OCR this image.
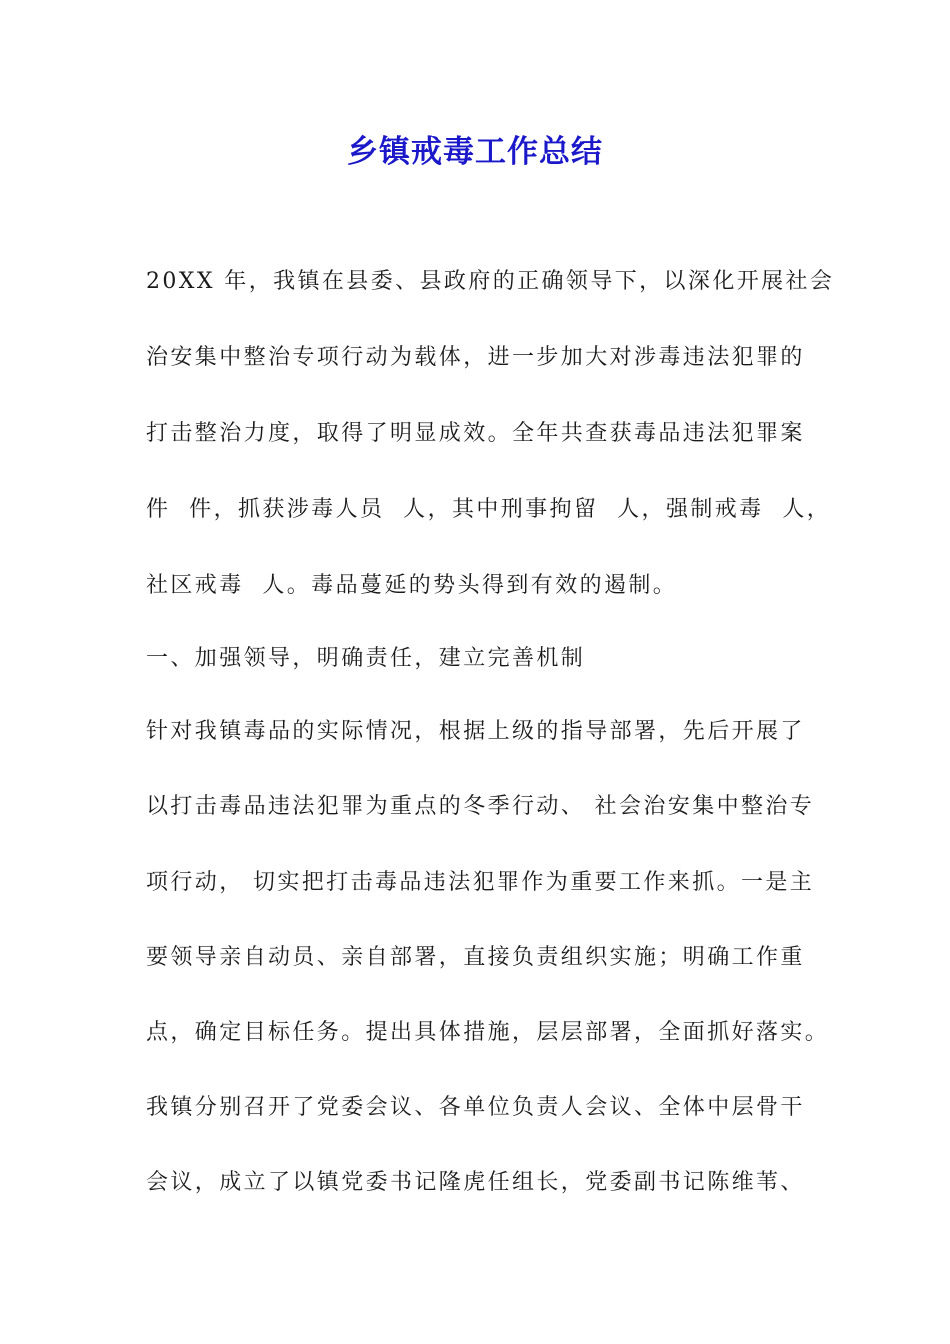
乡镇戒毒工作总结

20XX 年，我镇在县委、县政府的正确领导下，以深化开展社会

治安集中整治专项行动为载体，进一步加大对涉毒违法犯罪的

打击整治力度，取得了明显成效。全年共查获毒品违法犯罪案

件  件，抓获涉毒人员  人，其中刑事拘留  人，强制戒毒  人，

社区戒毒  人。毒品蔓延的势头得到有效的遏制。

一、加强领导，明确责任，建立完善机制

针对我镇毒品的实际情况，根据上级的指导部署，先后开展了

以打击毒品违法犯罪为重点的冬季行动、 社会治安集中整治专

项行动， 切实把打击毒品违法犯罪作为重要工作来抓。一是主

要领导亲自动员、亲自部署，直接负责组织实施；明确工作重

点，确定目标任务。提出具体措施，层层部署，全面抓好落实。

我镇分别召开了党委会议、各单位负责人会议、全体中层骨干

会议，成立了以镇党委书记隆虎任组长，党委副书记陈维苇、
